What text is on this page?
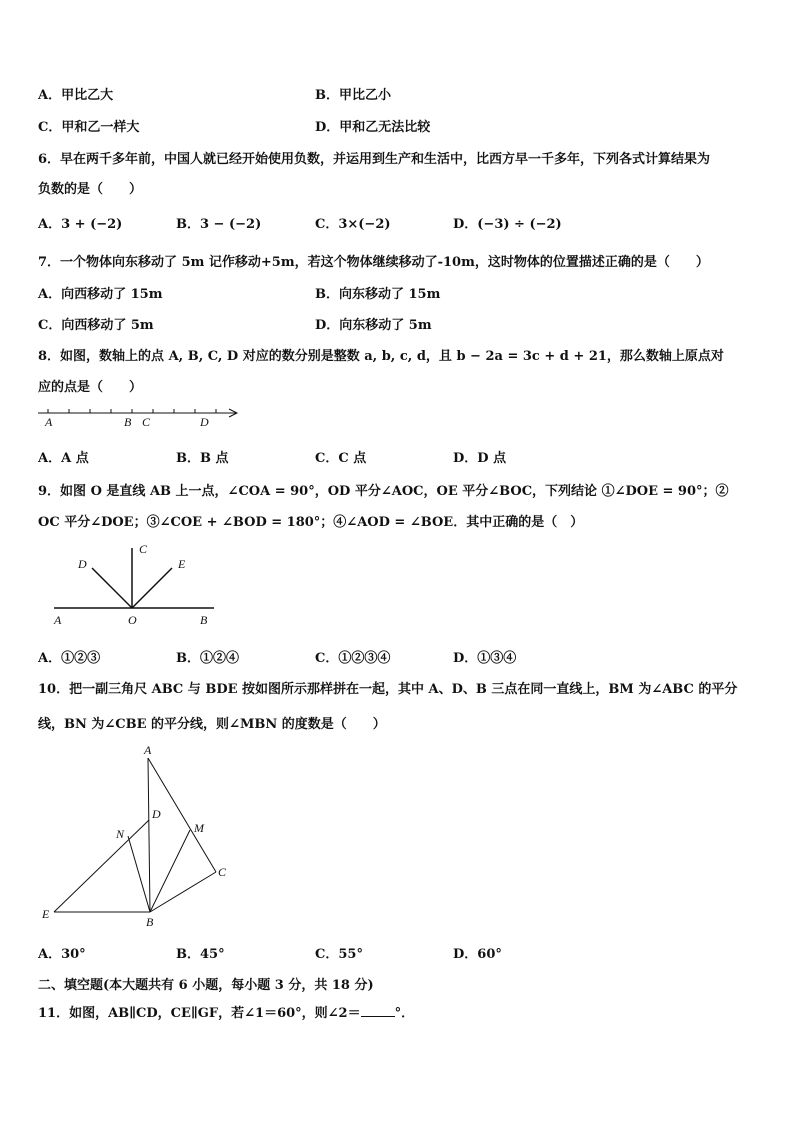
A．甲比乙大	B．甲比乙小
C．甲和乙一样大	D．甲和乙无法比较
6．早在两千多年前，中国人就已经开始使用负数，并运用到生产和生活中，比西方早一千多年，下列各式计算结果为
负数的是（　　）
A．3 + (−2)	B．3 − (−2)	C．3×(−2)	D．(−3) ÷ (−2)
7．一个物体向东移动了 5m 记作移动+5m，若这个物体继续移动了-10m，这时物体的位置描述正确的是（　　）
A．向西移动了 15m	B．向东移动了 15m
C．向西移动了 5m	D．向东移动了 5m
8．如图，数轴上的点 A, B, C, D 对应的数分别是整数 a, b, c, d，且 b − 2a = 3c + d + 21，那么数轴上原点对
应的点是（　　）
A	B C	D
A．A 点	B．B 点	C．C 点	D．D 点
9．如图 O 是直线 AB 上一点，∠COA = 90°，OD 平分∠AOC，OE 平分∠BOC，下列结论 ①∠DOE = 90°；②
OC 平分∠DOE；③∠COE + ∠BOD = 180°；④∠AOD = ∠BOE．其中正确的是（　）
D
C
E
A	O	B
A．①②③	B．①②④	C．①②③④	D．①③④
10．把一副三角尺 ABC 与 BDE 按如图所示那样拼在一起，其中 A、D、B 三点在同一直线上，BM 为∠ABC 的平分
线，BN 为∠CBE 的平分线，则∠MBN 的度数是（　　）
A
D
N	M
C
E
B
A．30°	B．45°	C．55°	D．60°
二、填空题(本大题共有 6 小题，每小题 3 分，共 18 分)
11．如图，AB∥CD，CE∥GF，若∠1＝60°，则∠2＝	°．
